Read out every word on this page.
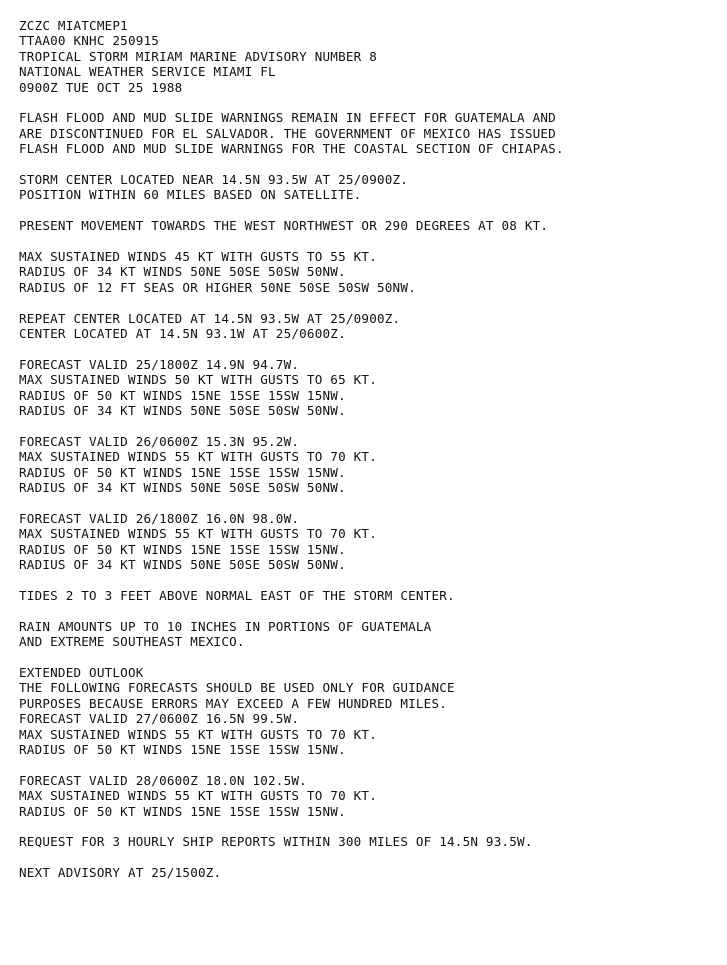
ZCZC MIATCMEP1
TTAA00 KNHC 250915
TROPICAL STORM MIRIAM MARINE ADVISORY NUMBER 8
NATIONAL WEATHER SERVICE MIAMI FL
0900Z TUE OCT 25 1988
FLASH FLOOD AND MUD SLIDE WARNINGS REMAIN IN EFFECT FOR GUATEMALA AND
ARE DISCONTINUED FOR EL SALVADOR. THE GOVERNMENT OF MEXICO HAS ISSUED
FLASH FLOOD AND MUD SLIDE WARNINGS FOR THE COASTAL SECTION OF CHIAPAS.
STORM CENTER LOCATED NEAR 14.5N 93.5W AT 25/0900Z.
POSITION WITHIN 60 MILES BASED ON SATELLITE.
PRESENT MOVEMENT TOWARDS THE WEST NORTHWEST OR 290 DEGREES AT 08 KT.
MAX SUSTAINED WINDS 45 KT WITH GUSTS TO 55 KT.
RADIUS OF 34 KT WINDS 50NE 50SE 50SW 50NW.
RADIUS OF 12 FT SEAS OR HIGHER 50NE 50SE 50SW 50NW.
REPEAT CENTER LOCATED AT 14.5N 93.5W AT 25/0900Z.
CENTER LOCATED AT 14.5N 93.1W AT 25/0600Z.
FORECAST VALID 25/1800Z 14.9N 94.7W.
MAX SUSTAINED WINDS 50 KT WITH GUSTS TO 65 KT.
RADIUS OF 50 KT WINDS 15NE 15SE 15SW 15NW.
RADIUS OF 34 KT WINDS 50NE 50SE 50SW 50NW.
FORECAST VALID 26/0600Z 15.3N 95.2W.
MAX SUSTAINED WINDS 55 KT WITH GUSTS TO 70 KT.
RADIUS OF 50 KT WINDS 15NE 15SE 15SW 15NW.
RADIUS OF 34 KT WINDS 50NE 50SE 50SW 50NW.
FORECAST VALID 26/1800Z 16.0N 98.0W.
MAX SUSTAINED WINDS 55 KT WITH GUSTS TO 70 KT.
RADIUS OF 50 KT WINDS 15NE 15SE 15SW 15NW.
RADIUS OF 34 KT WINDS 50NE 50SE 50SW 50NW.
TIDES 2 TO 3 FEET ABOVE NORMAL EAST OF THE STORM CENTER.
RAIN AMOUNTS UP TO 10 INCHES IN PORTIONS OF GUATEMALA
AND EXTREME SOUTHEAST MEXICO.
EXTENDED OUTLOOK
THE FOLLOWING FORECASTS SHOULD BE USED ONLY FOR GUIDANCE
PURPOSES BECAUSE ERRORS MAY EXCEED A FEW HUNDRED MILES.
FORECAST VALID 27/0600Z 16.5N 99.5W.
MAX SUSTAINED WINDS 55 KT WITH GUSTS TO 70 KT.
RADIUS OF 50 KT WINDS 15NE 15SE 15SW 15NW.
FORECAST VALID 28/0600Z 18.0N 102.5W.
MAX SUSTAINED WINDS 55 KT WITH GUSTS TO 70 KT.
RADIUS OF 50 KT WINDS 15NE 15SE 15SW 15NW.
REQUEST FOR 3 HOURLY SHIP REPORTS WITHIN 300 MILES OF 14.5N 93.5W.
NEXT ADVISORY AT 25/1500Z.
